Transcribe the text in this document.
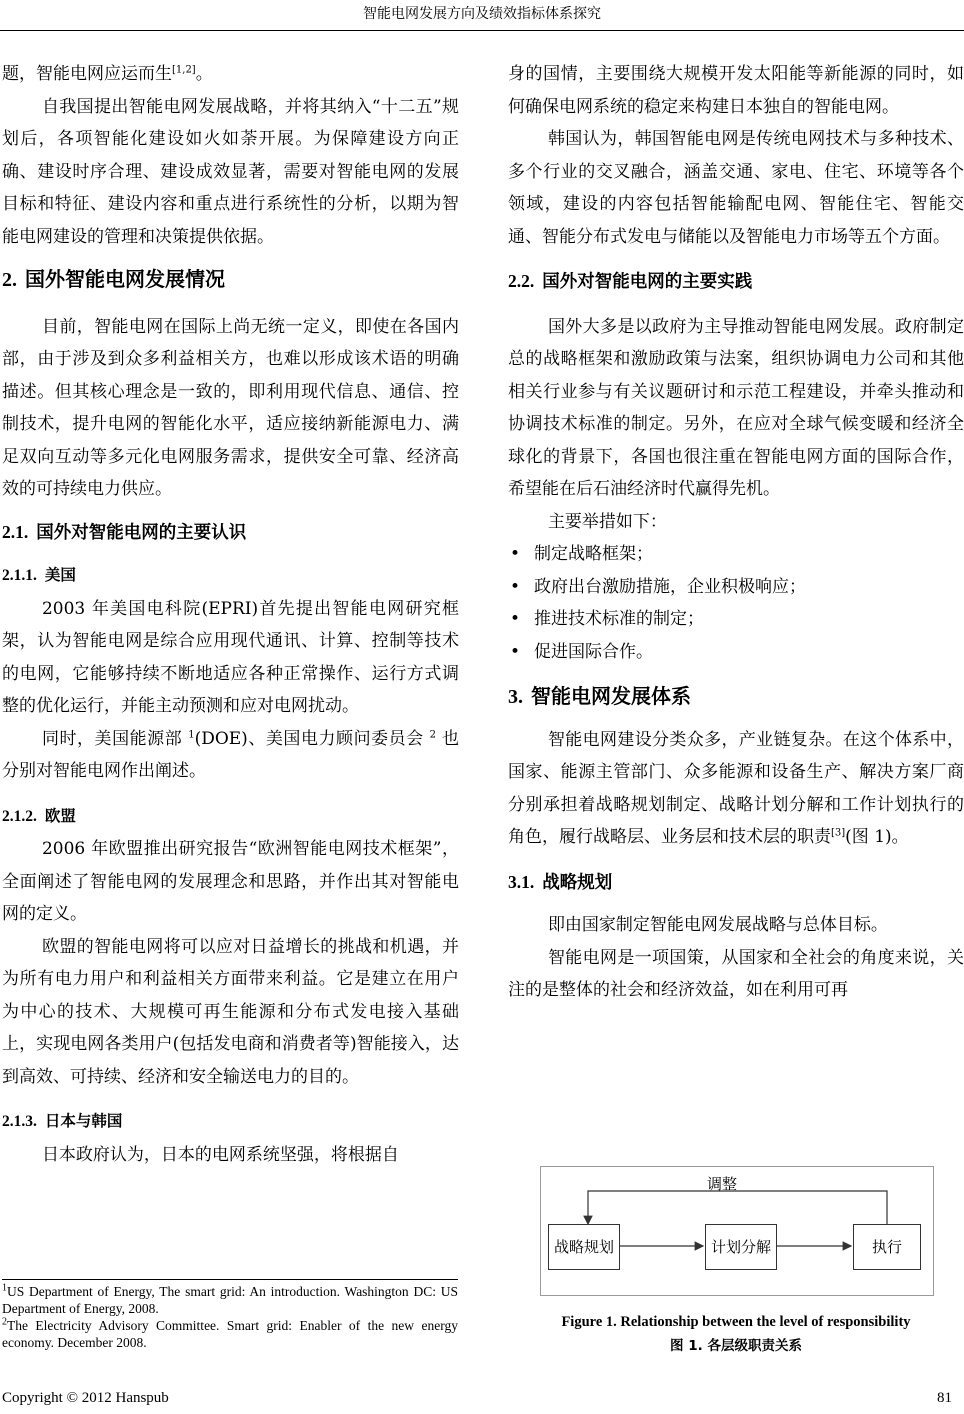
智能电网发展方向及绩效指标体系探究

题，智能电网应运而生[1,2]。

自我国提出智能电网发展战略，并将其纳入“十二五”规划后，各项智能化建设如火如荼开展。为保障建设方向正确、建设时序合理、建设成效显著，需要对智能电网的发展目标和特征、建设内容和重点进行系统性的分析，以期为智能电网建设的管理和决策提供依据。

2. 国外智能电网发展情况

目前，智能电网在国际上尚无统一定义，即使在各国内部，由于涉及到众多利益相关方，也难以形成该术语的明确描述。但其核心理念是一致的，即利用现代信息、通信、控制技术，提升电网的智能化水平，适应接纳新能源电力、满足双向互动等多元化电网服务需求，提供安全可靠、经济高效的可持续电力供应。

2.1. 国外对智能电网的主要认识

2.1.1. 美国

2003 年美国电科院(EPRI)首先提出智能电网研究框架，认为智能电网是综合应用现代通讯、计算、控制等技术的电网，它能够持续不断地适应各种正常操作、运行方式调整的优化运行，并能主动预测和应对电网扰动。

同时，美国能源部 $^1$(DOE)、美国电力顾问委员会 $^2$ 也分别对智能电网作出阐述。

2.1.2. 欧盟

2006 年欧盟推出研究报告“欧洲智能电网技术框架”，全面阐述了智能电网的发展理念和思路，并作出其对智能电网的定义。

欧盟的智能电网将可以应对日益增长的挑战和机遇，并为所有电力用户和利益相关方面带来利益。它是建立在用户为中心的技术、大规模可再生能源和分布式发电接入基础上，实现电网各类用户(包括发电商和消费者等)智能接入，达到高效、可持续、经济和安全输送电力的目的。

2.1.3. 日本与韩国

日本政府认为，日本的电网系统坚强，将根据自

$^1$US Department of Energy, The smart grid: An introduction. Washington DC: US Department of Energy, 2008.

$^2$The Electricity Advisory Committee. Smart grid: Enabler of the new energy economy. December 2008.

身的国情，主要围绕大规模开发太阳能等新能源的同时，如何确保电网系统的稳定来构建日本独自的智能电网。

韩国认为，韩国智能电网是传统电网技术与多种技术、多个行业的交叉融合，涵盖交通、家电、住宅、环境等各个领域，建设的内容包括智能输配电网、智能住宅、智能交通、智能分布式发电与储能以及智能电力市场等五个方面。

2.2. 国外对智能电网的主要实践

国外大多是以政府为主导推动智能电网发展。政府制定总的战略框架和激励政策与法案，组织协调电力公司和其他相关行业参与有关议题研讨和示范工程建设，并牵头推动和协调技术标准的制定。另外，在应对全球气候变暖和经济全球化的背景下，各国也很注重在智能电网方面的国际合作，希望能在后石油经济时代赢得先机。

主要举措如下：

• 制定战略框架；

• 政府出台激励措施，企业积极响应；

• 推进技术标准的制定；

• 促进国际合作。

3. 智能电网发展体系

智能电网建设分类众多，产业链复杂。在这个体系中，国家、能源主管部门、众多能源和设备生产、解决方案厂商分别承担着战略规划制定、战略计划分解和工作计划执行的角色，履行战略层、业务层和技术层的职责[3](图 1)。

3.1. 战略规划

即由国家制定智能电网发展战略与总体目标。

智能电网是一项国策，从国家和全社会的角度来说，关注的是整体的社会和经济效益，如在利用可再

调整
战略规划	计划分解	执行
Figure 1. Relationship between the level of responsibility
图 1. 各层级职责关系
Copyright © 2012 Hanspub	81
